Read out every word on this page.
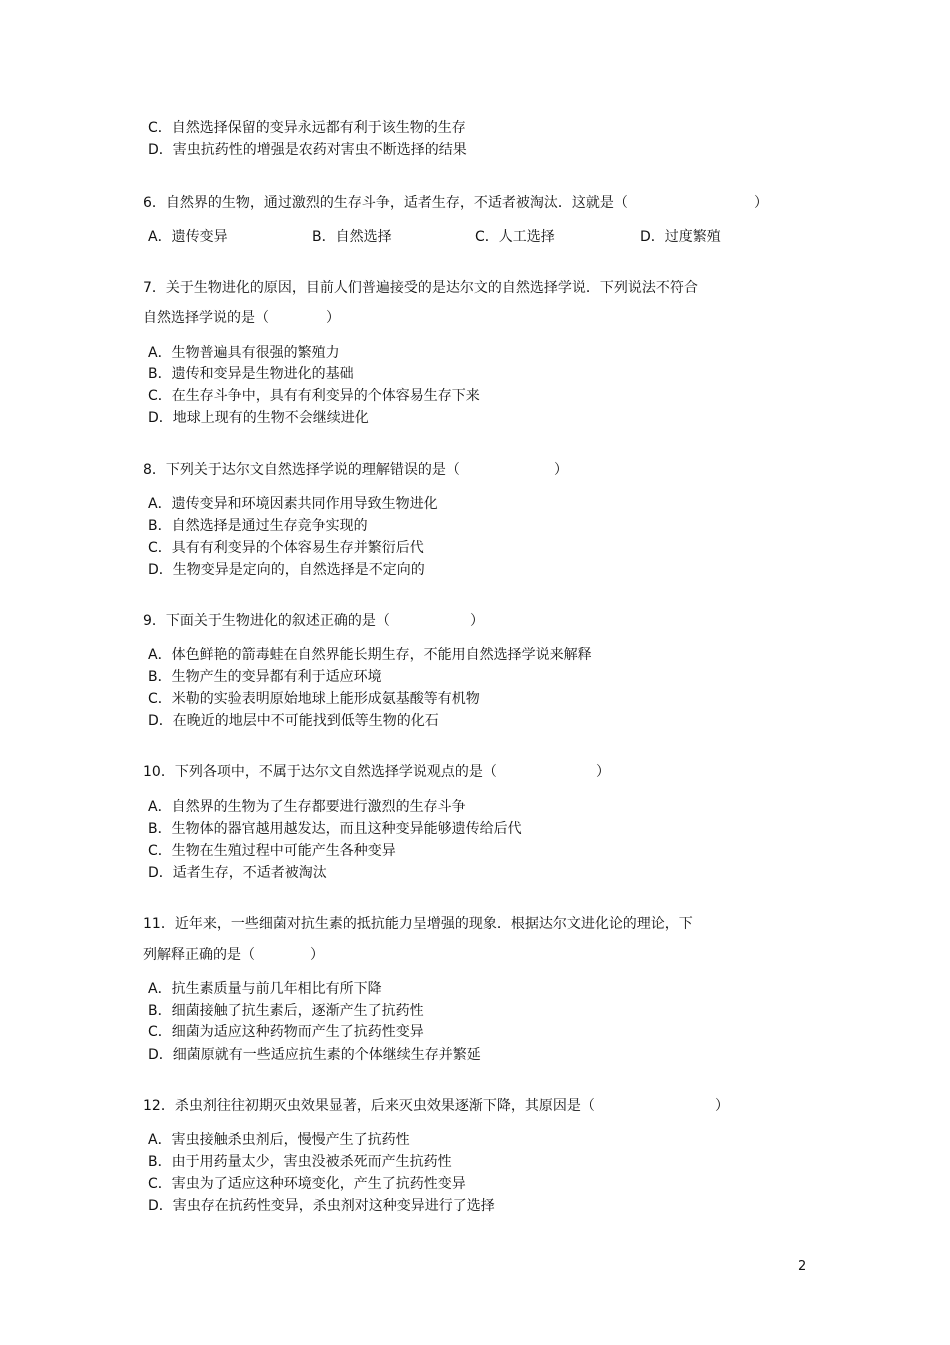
C．自然选择保留的变异永远都有利于该生物的生存
D．害虫抗药性的增强是农药对害虫不断选择的结果
6．自然界的生物，通过激烈的生存斗争，适者生存，不适者被淘汰．这就是（	）
A．遗传变异	B．自然选择	C．人工选择	D．过度繁殖
7．关于生物进化的原因，目前人们普遍接受的是达尔文的自然选择学说．下列说法不符合
自然选择学说的是（	）
A．生物普遍具有很强的繁殖力
B．遗传和变异是生物进化的基础
C．在生存斗争中，具有有利变异的个体容易生存下来
D．地球上现有的生物不会继续进化
8．下列关于达尔文自然选择学说的理解错误的是（	）
A．遗传变异和环境因素共同作用导致生物进化
B．自然选择是通过生存竞争实现的
C．具有有利变异的个体容易生存并繁衍后代
D．生物变异是定向的，自然选择是不定向的
9．下面关于生物进化的叙述正确的是（	）
A．体色鲜艳的箭毒蛙在自然界能长期生存，不能用自然选择学说来解释
B．生物产生的变异都有利于适应环境
C．米勒的实验表明原始地球上能形成氨基酸等有机物
D．在晚近的地层中不可能找到低等生物的化石
10．下列各项中，不属于达尔文自然选择学说观点的是（	）
A．自然界的生物为了生存都要进行激烈的生存斗争
B．生物体的器官越用越发达，而且这种变异能够遗传给后代
C．生物在生殖过程中可能产生各种变异
D．适者生存，不适者被淘汰
11．近年来，一些细菌对抗生素的抵抗能力呈增强的现象．根据达尔文进化论的理论，下
列解释正确的是（	）
A．抗生素质量与前几年相比有所下降
B．细菌接触了抗生素后，逐渐产生了抗药性
C．细菌为适应这种药物而产生了抗药性变异
D．细菌原就有一些适应抗生素的个体继续生存并繁延
12．杀虫剂往往初期灭虫效果显著，后来灭虫效果逐渐下降，其原因是（	）
A．害虫接触杀虫剂后，慢慢产生了抗药性
B．由于用药量太少，害虫没被杀死而产生抗药性
C．害虫为了适应这种环境变化，产生了抗药性变异
D．害虫存在抗药性变异，杀虫剂对这种变异进行了选择
2
